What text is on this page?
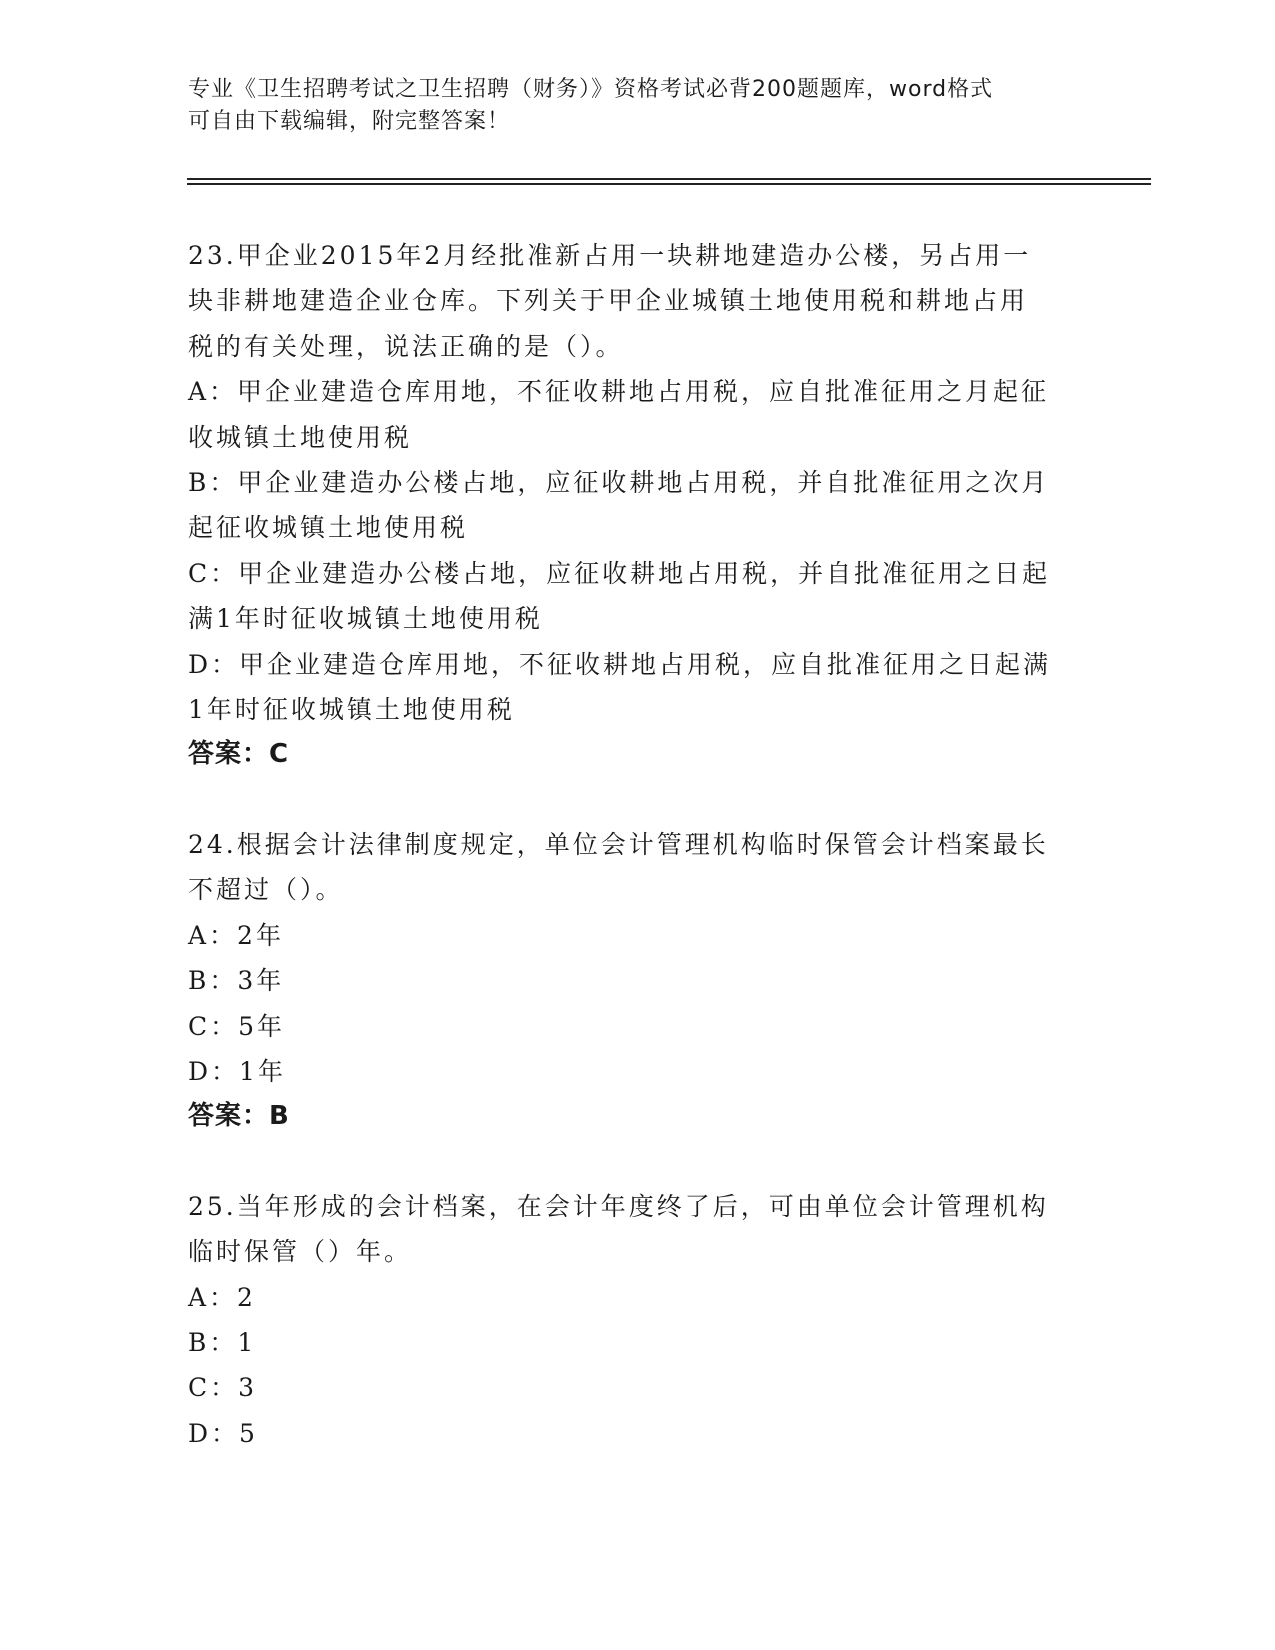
专业《卫生招聘考试之卫生招聘（财务）》资格考试必背200题题库，word格式

可自由下载编辑，附完整答案！

23.甲企业2015年2月经批准新占用一块耕地建造办公楼，另占用一

块非耕地建造企业仓库。下列关于甲企业城镇土地使用税和耕地占用

税的有关处理，说法正确的是（）。

A：甲企业建造仓库用地，不征收耕地占用税，应自批准征用之月起征

收城镇土地使用税

B：甲企业建造办公楼占地，应征收耕地占用税，并自批准征用之次月

起征收城镇土地使用税

C：甲企业建造办公楼占地，应征收耕地占用税，并自批准征用之日起

满1年时征收城镇土地使用税

D：甲企业建造仓库用地，不征收耕地占用税，应自批准征用之日起满

1年时征收城镇土地使用税

答案：C

24.根据会计法律制度规定，单位会计管理机构临时保管会计档案最长

不超过（）。

A：2年

B：3年

C：5年

D：1年

答案：B

25.当年形成的会计档案，在会计年度终了后，可由单位会计管理机构

临时保管（）年。

A：2

B：1

C：3

D：5
